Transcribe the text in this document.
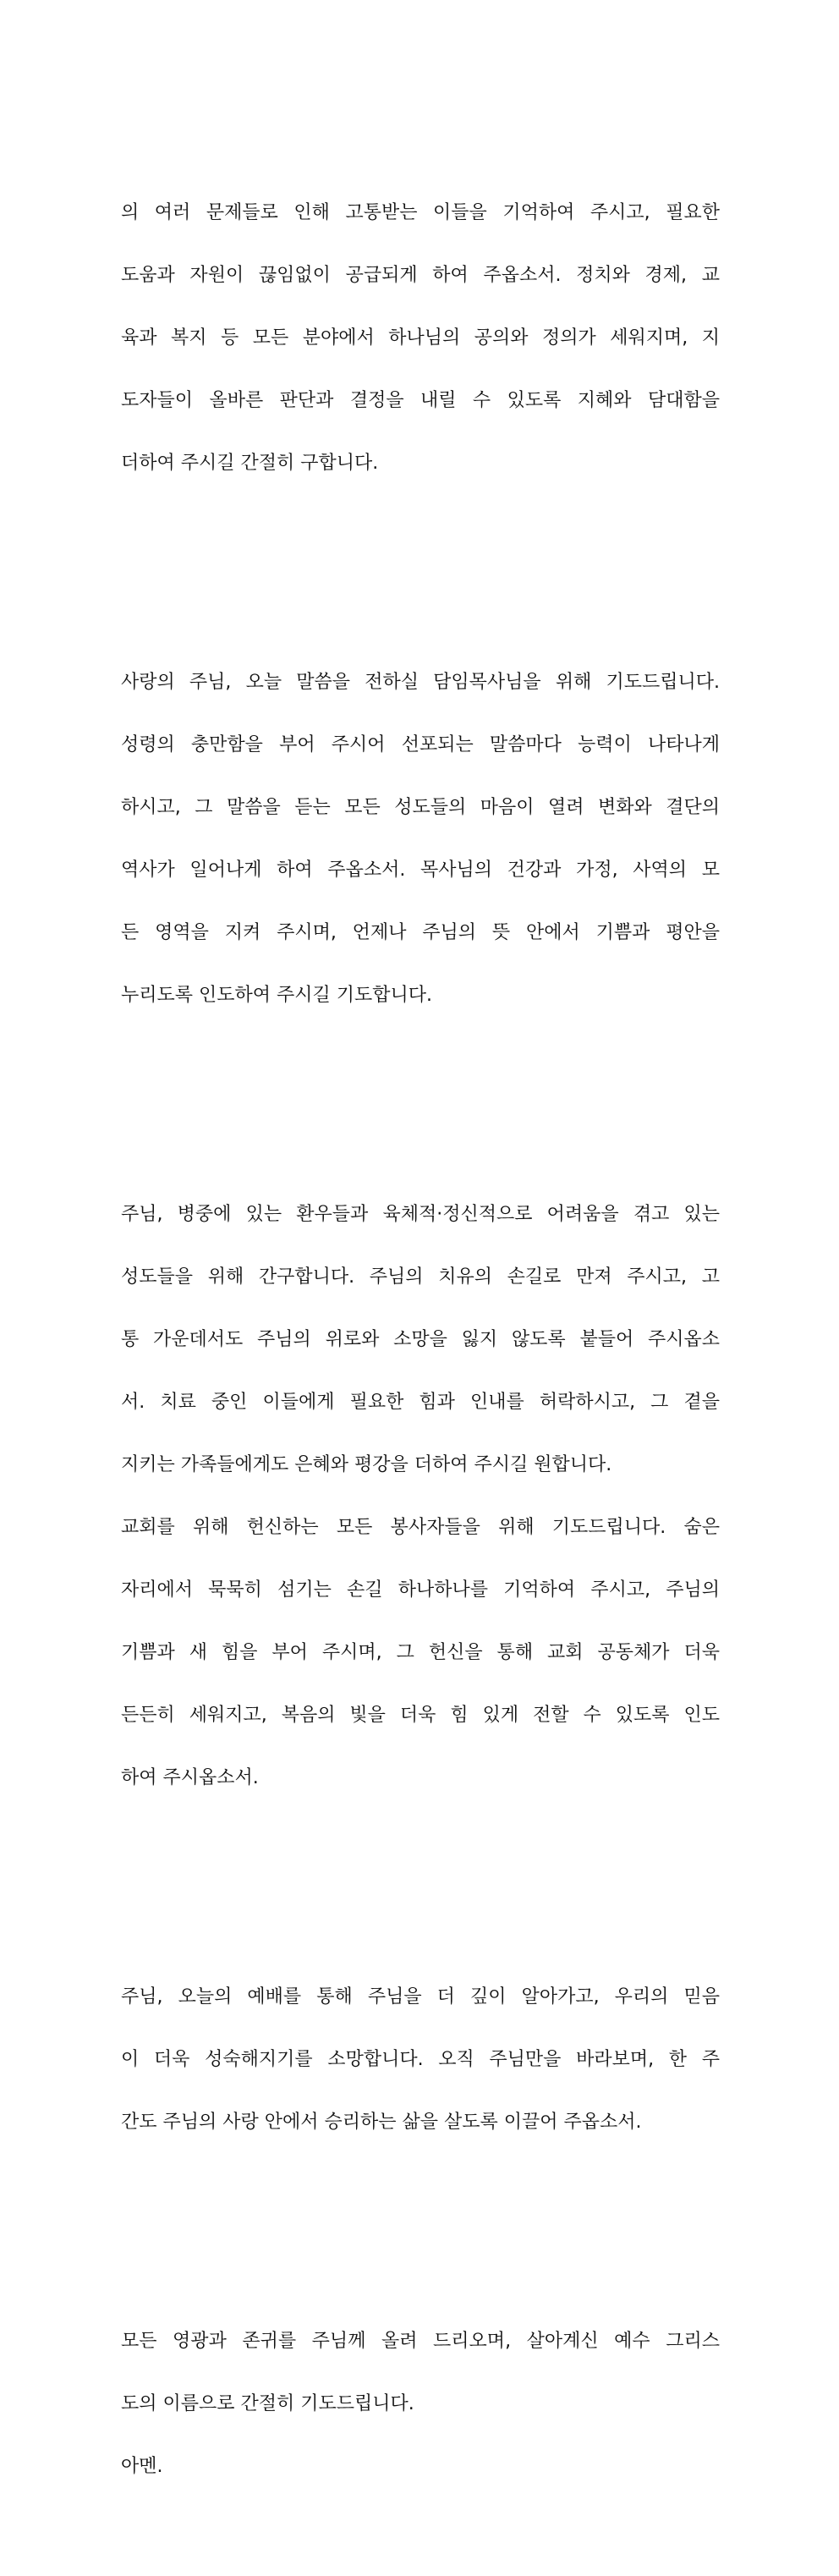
의 여러 문제들로 인해 고통받는 이들을 기억하여 주시고, 필요한

도움과 자원이 끊임없이 공급되게 하여 주옵소서. 정치와 경제, 교

육과 복지 등 모든 분야에서 하나님의 공의와 정의가 세워지며, 지

도자들이 올바른 판단과 결정을 내릴 수 있도록 지혜와 담대함을

더하여 주시길 간절히 구합니다.

사랑의 주님, 오늘 말씀을 전하실 담임목사님을 위해 기도드립니다.

성령의 충만함을 부어 주시어 선포되는 말씀마다 능력이 나타나게

하시고, 그 말씀을 듣는 모든 성도들의 마음이 열려 변화와 결단의

역사가 일어나게 하여 주옵소서. 목사님의 건강과 가정, 사역의 모

든 영역을 지켜 주시며, 언제나 주님의 뜻 안에서 기쁨과 평안을

누리도록 인도하여 주시길 기도합니다.

주님, 병중에 있는 환우들과 육체적·정신적으로 어려움을 겪고 있는

성도들을 위해 간구합니다. 주님의 치유의 손길로 만져 주시고, 고

통 가운데서도 주님의 위로와 소망을 잃지 않도록 붙들어 주시옵소

서. 치료 중인 이들에게 필요한 힘과 인내를 허락하시고, 그 곁을

지키는 가족들에게도 은혜와 평강을 더하여 주시길 원합니다.

교회를 위해 헌신하는 모든 봉사자들을 위해 기도드립니다. 숨은

자리에서 묵묵히 섬기는 손길 하나하나를 기억하여 주시고, 주님의

기쁨과 새 힘을 부어 주시며, 그 헌신을 통해 교회 공동체가 더욱

든든히 세워지고, 복음의 빛을 더욱 힘 있게 전할 수 있도록 인도

하여 주시옵소서.

주님, 오늘의 예배를 통해 주님을 더 깊이 알아가고, 우리의 믿음

이 더욱 성숙해지기를 소망합니다. 오직 주님만을 바라보며, 한 주

간도 주님의 사랑 안에서 승리하는 삶을 살도록 이끌어 주옵소서.

모든 영광과 존귀를 주님께 올려 드리오며, 살아계신 예수 그리스

도의 이름으로 간절히 기도드립니다.

아멘.
